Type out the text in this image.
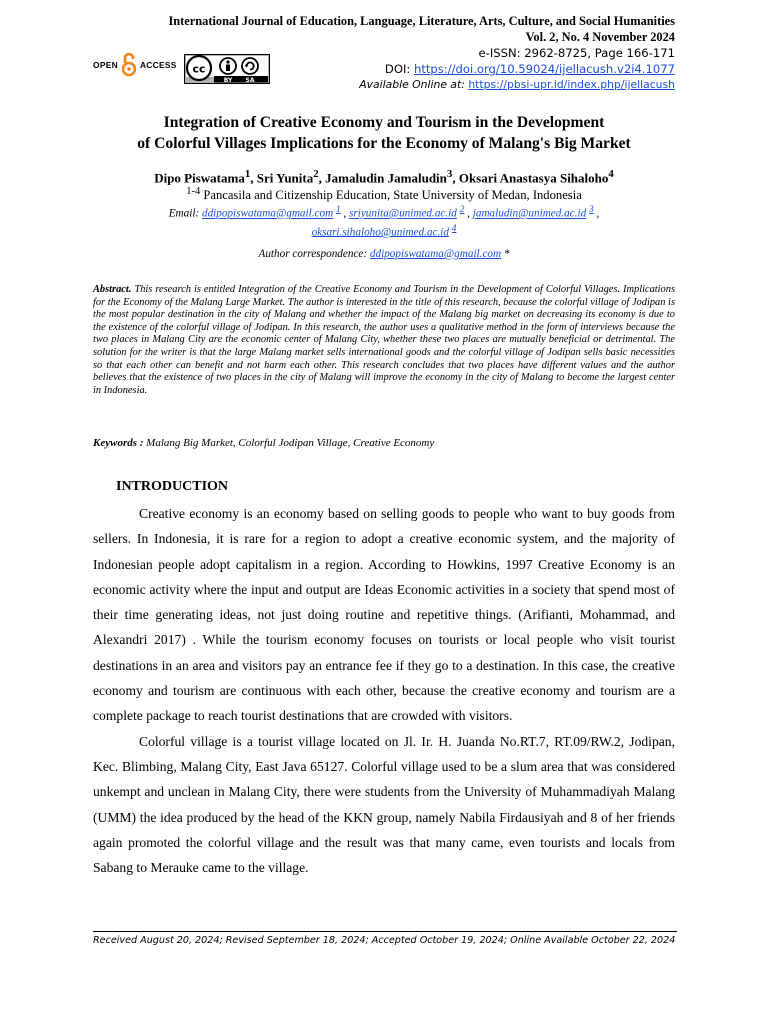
International Journal of Education, Language, Literature, Arts, Culture, and Social Humanities
Vol. 2, No. 4 November 2024
e-ISSN: 2962-8725, Page 166-171
DOI: https://doi.org/10.59024/ijellacush.v2i4.1077
Available Online at: https://pbsi-upr.id/index.php/ijellacush
OPEN	ACCESS cc
BY SA
Integration of Creative Economy and Tourism in the Development
of Colorful Villages Implications for the Economy of Malang's Big Market
Dipo Piswatama$^1$, Sri Yunita$^2$, Jamaludin Jamaludin$^3$, Oksari Anastasya Sihaloho$^4$
$^{1-4}$ Pancasila and Citizenship Education, State University of Medan, Indonesia
Email: ddipopiswatama@gmail.com $^1$ , sriyunita@unimed.ac.id $^2$ , jamaludin@unimed.ac.id $^3$ ,
oksari.sihaloho@unimed.ac.id $^4$
Author correspondence: ddipopiswatama@gmail.com *
Abstract. This research is entitled Integration of the Creative Economy and Tourism in the Development of Colorful Villages. Implications for the Economy of the Malang Large Market. The author is interested in the title of this research, because the colorful village of Jodipan is the most popular destination in the city of Malang and whether the impact of the Malang big market on decreasing its economy is due to the existence of the colorful village of Jodipan. In this research, the author uses a qualitative method in the form of interviews because the two places in Malang City are the economic center of Malang City, whether these two places are mutually beneficial or detrimental. The solution for the writer is that the large Malang market sells international goods and the colorful village of Jodipan sells basic necessities so that each other can benefit and not harm each other. This research concludes that two places have different values and the author believes that the existence of two places in the city of Malang will improve the economy in the city of Malang to become the largest center in Indonesia.
Keywords : Malang Big Market, Colorful Jodipan Village, Creative Economy
INTRODUCTION

Creative economy is an economy based on selling goods to people who want to buy goods from sellers. In Indonesia, it is rare for a region to adopt a creative economic system, and the majority of Indonesian people adopt capitalism in a region. According to Howkins, 1997 Creative Economy is an economic activity where the input and output are Ideas Economic activities in a society that spend most of their time generating ideas, not just doing routine and repetitive things. (Arifianti, Mohammad, and Alexandri 2017) . While the tourism economy focuses on tourists or local people who visit tourist destinations in an area and visitors pay an entrance fee if they go to a destination. In this case, the creative economy and tourism are continuous with each other, because the creative economy and tourism are a complete package to reach tourist destinations that are crowded with visitors.

Colorful village is a tourist village located on Jl. Ir. H. Juanda No.RT.7, RT.09/RW.2, Jodipan, Kec. Blimbing, Malang City, East Java 65127. Colorful village used to be a slum area that was considered unkempt and unclean in Malang City, there were students from the University of Muhammadiyah Malang (UMM) the idea produced by the head of the KKN group, namely Nabila Firdausiyah and 8 of her friends again promoted the colorful village and the result was that many came, even tourists and locals from Sabang to Merauke came to the village.

Received August 20, 2024; Revised September 18, 2024; Accepted October 19, 2024; Online Available October 22, 2024
